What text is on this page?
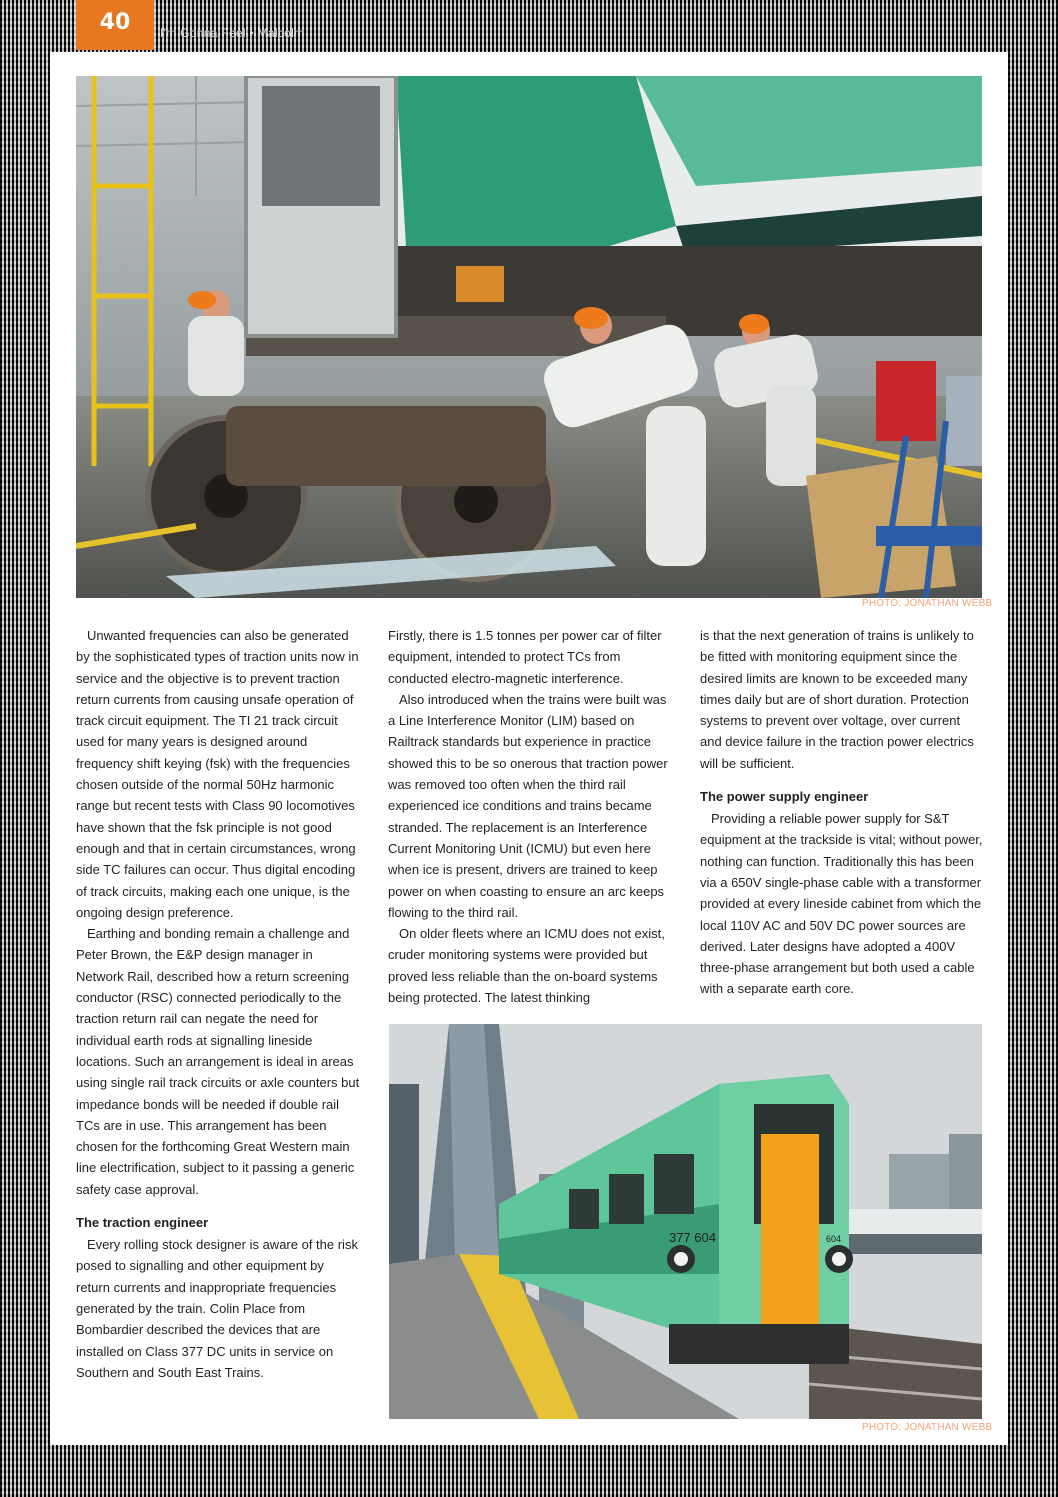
40	I'm Gonna Feel • Malcolm
PHOTO: JONATHAN WEBB

Unwanted frequencies can also be generated by the sophisticated types of traction units now in service and the objective is to prevent traction return currents from causing unsafe operation of track circuit equipment. The TI 21 track circuit used for many years is designed around frequency shift keying (fsk) with the frequencies chosen outside of the normal 50Hz harmonic range but recent tests with Class 90 locomotives have shown that the fsk principle is not good enough and that in certain circumstances, wrong side TC failures can occur. Thus digital encoding of track circuits, making each one unique, is the ongoing design preference.

Earthing and bonding remain a challenge and Peter Brown, the E&P design manager in Network Rail, described how a return screening conductor (RSC) connected periodically to the traction return rail can negate the need for individual earth rods at signalling lineside locations. Such an arrangement is ideal in areas using single rail track circuits or axle counters but impedance bonds will be needed if double rail TCs are in use. This arrangement has been chosen for the forthcoming Great Western main line electrification, subject to it passing a generic safety case approval.

The traction engineer

Every rolling stock designer is aware of the risk posed to signalling and other equipment by return currents and inappropriate frequencies generated by the train. Colin Place from Bombardier described the devices that are installed on Class 377 DC units in service on Southern and South East Trains.

Firstly, there is 1.5 tonnes per power car of filter equipment, intended to protect TCs from conducted electro-magnetic interference.

Also introduced when the trains were built was a Line Interference Monitor (LIM) based on Railtrack standards but experience in practice showed this to be so onerous that traction power was removed too often when the third rail experienced ice conditions and trains became stranded. The replacement is an Interference Current Monitoring Unit (ICMU) but even here when ice is present, drivers are trained to keep power on when coasting to ensure an arc keeps flowing to the third rail.

On older fleets where an ICMU does not exist, cruder monitoring systems were provided but proved less reliable than the on-board systems being protected. The latest thinking

is that the next generation of trains is unlikely to be fitted with monitoring equipment since the desired limits are known to be exceeded many times daily but are of short duration. Protection systems to prevent over voltage, over current and device failure in the traction power electrics will be sufficient.

The power supply engineer

Providing a reliable power supply for S&T equipment at the trackside is vital; without power, nothing can function. Traditionally this has been via a 650V single-phase cable with a transformer provided at every lineside cabinet from which the local 110V AC and 50V DC power sources are derived. Later designs have adopted a 400V three-phase arrangement but both used a cable with a separate earth core.

377 604	604
PHOTO: JONATHAN WEBB
